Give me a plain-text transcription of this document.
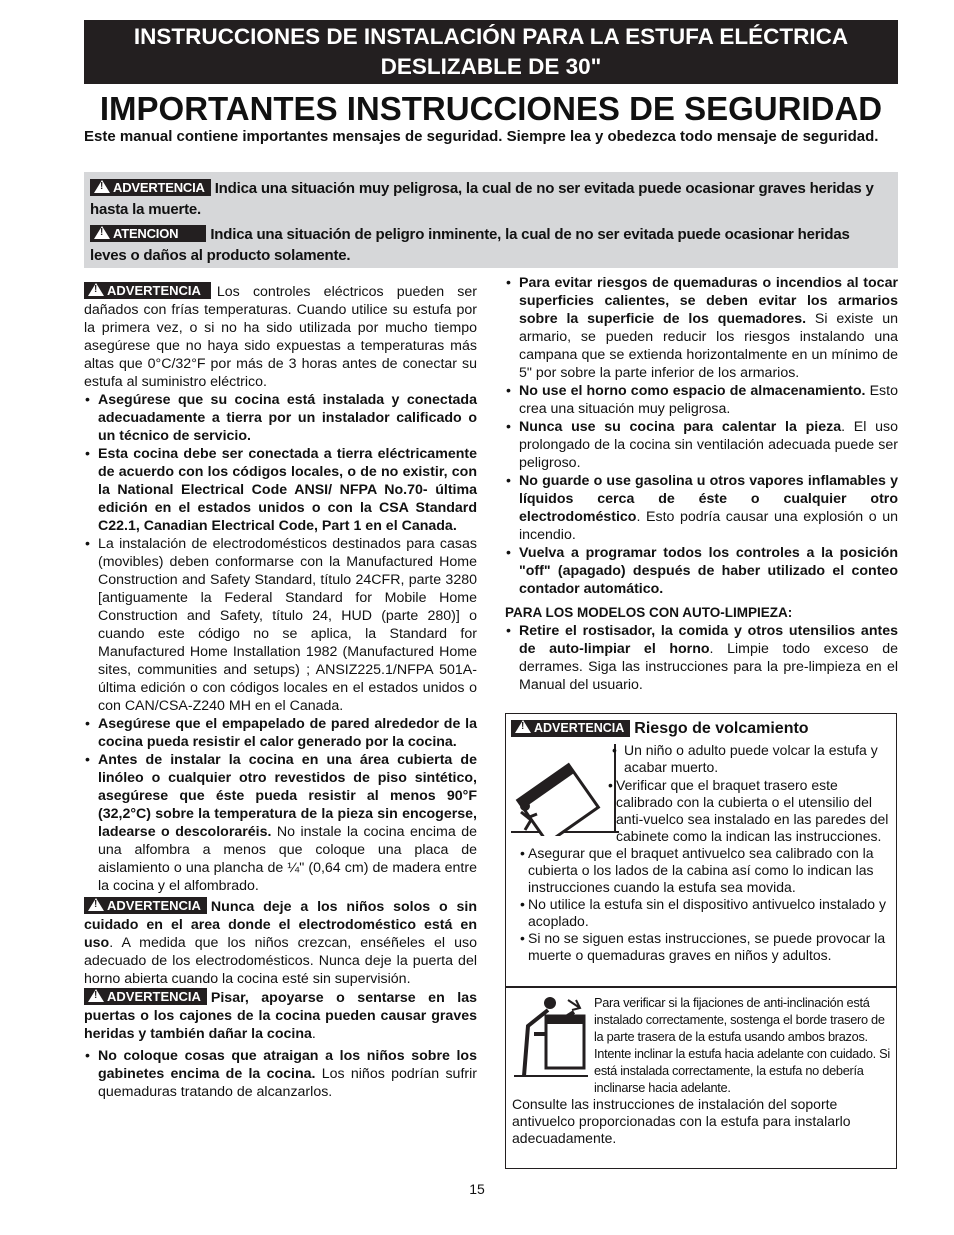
INSTRUCCIONES DE INSTALACIÓN PARA LA ESTUFA ELÉCTRICA
DESLIZABLE DE 30"
IMPORTANTES INSTRUCCIONES DE SEGURIDAD
Este manual contiene importantes mensajes de seguridad. Siempre lea y obedezca todo mensaje de seguridad.
!ADVERTENCIA Indica una situación muy peligrosa, la cual de no ser evitada puede ocasionar graves heridas y hasta la muerte.
!ATENCION Indica una situación de peligro inminente, la cual de no ser evitada puede ocasionar heridas leves o daños al producto solamente.

!ADVERTENCIA Los controles eléctricos pueden ser dañados con frías temperaturas. Cuando utilice su estufa por la primera vez, o si no ha sido utilizada por mucho tiempo asegúrese que no haya sido expuestas a temperaturas más altas que 0°C/32°F por más de 3 horas antes de conectar su estufa al suministro eléctrico.

• Asegúrese que su cocina está instalada y conectada adecuadamente a tierra por un instalador calificado o un técnico de servicio.
• Esta cocina debe ser conectada a tierra eléctricamente de acuerdo con los códigos locales, o de no existir, con la National Electrical Code ANSI/ NFPA No.70- última edición en el estados unidos o con la CSA Standard C22.1, Canadian Electrical Code, Part 1 en el Canada.
• La instalación de electrodomésticos destinados para casas (movibles) deben conformarse con la Manufactured Home Construction and Safety Standard, título 24CFR, parte 3280 [antiguamente la Federal Standard for Mobile Home Construction and Safety, título 24, HUD (parte 280)] o cuando este código no se aplica, la Standard for Manufactured Home Installation 1982 (Manufactured Home sites, communities and setups) ; ANSIZ225.1/NFPA 501A- última edición o con códigos locales en el estados unidos o con CAN/CSA-Z240 MH en el Canada.
• Asegúrese que el empapelado de pared alrededor de la cocina pueda resistir el calor generado por la cocina.
• Antes de instalar la cocina en una área cubierta de linóleo o cualquier otro revestidos de piso sintético, asegúrese que éste pueda resistir al menos 90°F (32,2°C) sobre la temperatura de la pieza sin encogerse, ladearse o descoloraréis. No instale la cocina encima de una alfombra a menos que coloque una placa de aislamiento o una plancha de ¼" (0,64 cm) de madera entre la cocina y el alfombrado.

!ADVERTENCIA Nunca deje a los niños solos o sin cuidado en el area donde el electrodoméstico está en uso. A medida que los niños crezcan, enséñeles el uso adecuado de los electrodomésticos. Nunca deje la puerta del horno abierta cuando la cocina esté sin supervisión.

!ADVERTENCIA Pisar, apoyarse o sentarse en las puertas o los cajones de la cocina pueden causar graves heridas y también dañar la cocina.

• No coloque cosas que atraigan a los niños sobre los gabinetes encima de la cocina. Los niños podrían sufrir quemaduras tratando de alcanzarlos.
• Para evitar riesgos de quemaduras o incendios al tocar superficies calientes, se deben evitar los armarios sobre la superficie de los quemadores. Si existe un armario, se pueden reducir los riesgos instalando una campana que se extienda horizontalmente en un mínimo de 5" por sobre la parte inferior de los armarios.
• No use el horno como espacio de almacenamiento. Esto crea una situación muy peligrosa.
• Nunca use su cocina para calentar la pieza. El uso prolongado de la cocina sin ventilación adecuada puede ser peligroso.
• No guarde o use gasolina u otros vapores inflamables y líquidos cerca de éste o cualquier otro electrodoméstico. Esto podría causar una explosión o un incendio.
• Vuelva a programar todos los controles a la posición "off" (apagado) después de haber utilizado el conteo contador automático.

PARA LOS MODELOS CON AUTO-LIMPIEZA:

• Retire el rostisador, la comida y otros utensilios antes de auto-limpiar el horno. Limpie todo exceso de derrames. Siga las instrucciones para la pre-limpieza en el Manual del usuario.
!ADVERTENCIA Riesgo de volcamiento
• Un niño o adulto puede volcar la estufa y acabar muerto.
• Verificar que el braquet trasero este calibrado con la cubierta o el utensilio del anti-vuelco sea instalado en las paredes del cabinete como la indican las instrucciones.
• Asegurar que el braquet antivuelco sea calibrado con la cubierta o los lados de la cabina así como lo indican las instrucciones cuando la estufa sea movida.
• No utilice la estufa sin el dispositivo antivuelco instalado y acoplado.
• Si no se siguen estas instrucciones, se puede provocar la muerte o quemaduras graves en niños y adultos.
Para verificar si la fijaciones de anti-inclinación está instalado correctamente, sostenga el borde trasero de la parte trasera de la estufa usando ambos brazos. Intente inclinar la estufa hacia adelante con cuidado. Si está instalada correctamente, la estufa no debería inclinarse hacia adelante.
Consulte las instrucciones de instalación del soporte antivuelco proporcionadas con la estufa para instalarlo adecuadamente.
15
